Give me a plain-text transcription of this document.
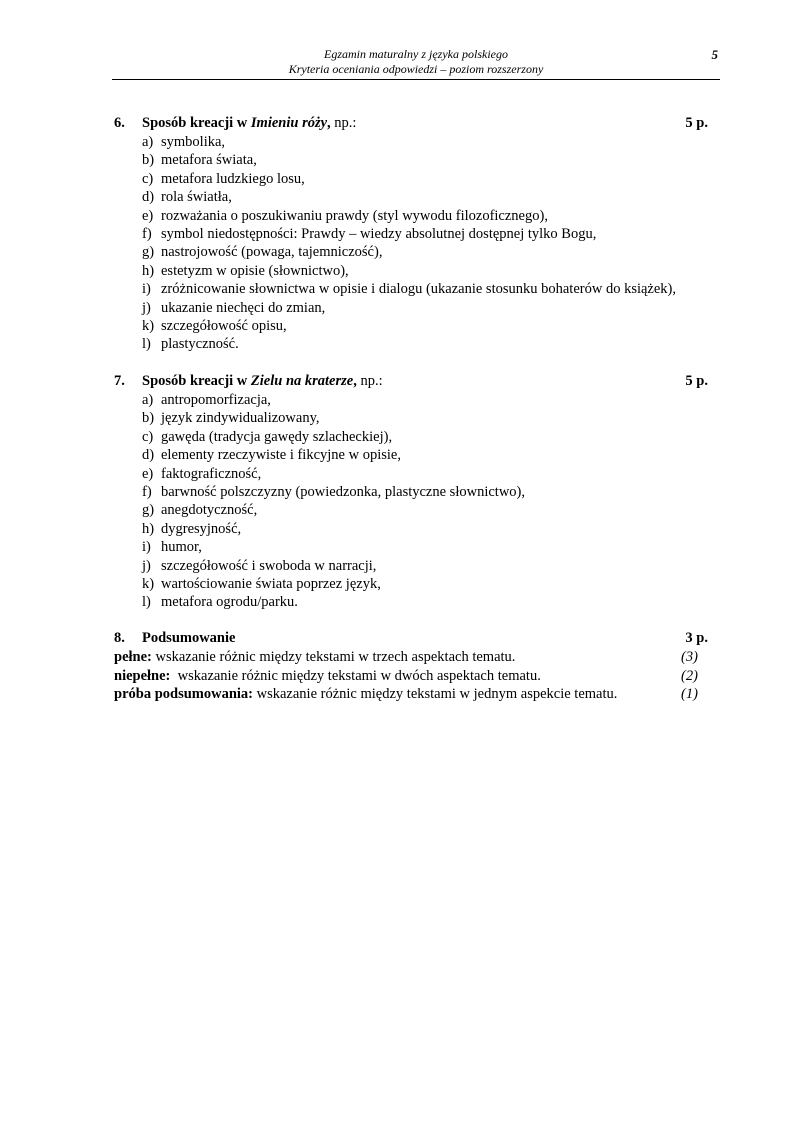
Egzamin maturalny z języka polskiego
Kryteria oceniania odpowiedzi – poziom rozszerzony
5
6. Sposób kreacji w Imieniu róży, np.:	5 p.
a) symbolika,
b) metafora świata,
c) metafora ludzkiego losu,
d) rola światła,
e) rozważania o poszukiwaniu prawdy (styl wywodu filozoficznego),
f) symbol niedostępności: Prawdy – wiedzy absolutnej dostępnej tylko Bogu,
g) nastrojowość (powaga, tajemniczość),
h) estetyzm w opisie (słownictwo),
i) zróżnicowanie słownictwa w opisie i dialogu (ukazanie stosunku bohaterów do książek),
j) ukazanie niechęci do zmian,
k) szczegółowość opisu,
l) plastyczność.
7. Sposób kreacji w Zielu na kraterze, np.:	5 p.
a) antropomorfizacja,
b) język zindywidualizowany,
c) gawęda (tradycja gawędy szlacheckiej),
d) elementy rzeczywiste i fikcyjne w opisie,
e) faktograficzność,
f) barwność polszczyzny (powiedzonka, plastyczne słownictwo),
g) anegdotyczność,
h) dygresyjność,
i) humor,
j) szczegółowość i swoboda w narracji,
k) wartościowanie świata poprzez język,
l) metafora ogrodu/parku.
8. Podsumowanie	3 p.
pełne: wskazanie różnic między tekstami w trzech aspektach tematu.	(3)
niepełne:  wskazanie różnic między tekstami w dwóch aspektach tematu.	(2)
próba podsumowania: wskazanie różnic między tekstami w jednym aspekcie tematu.	(1)
